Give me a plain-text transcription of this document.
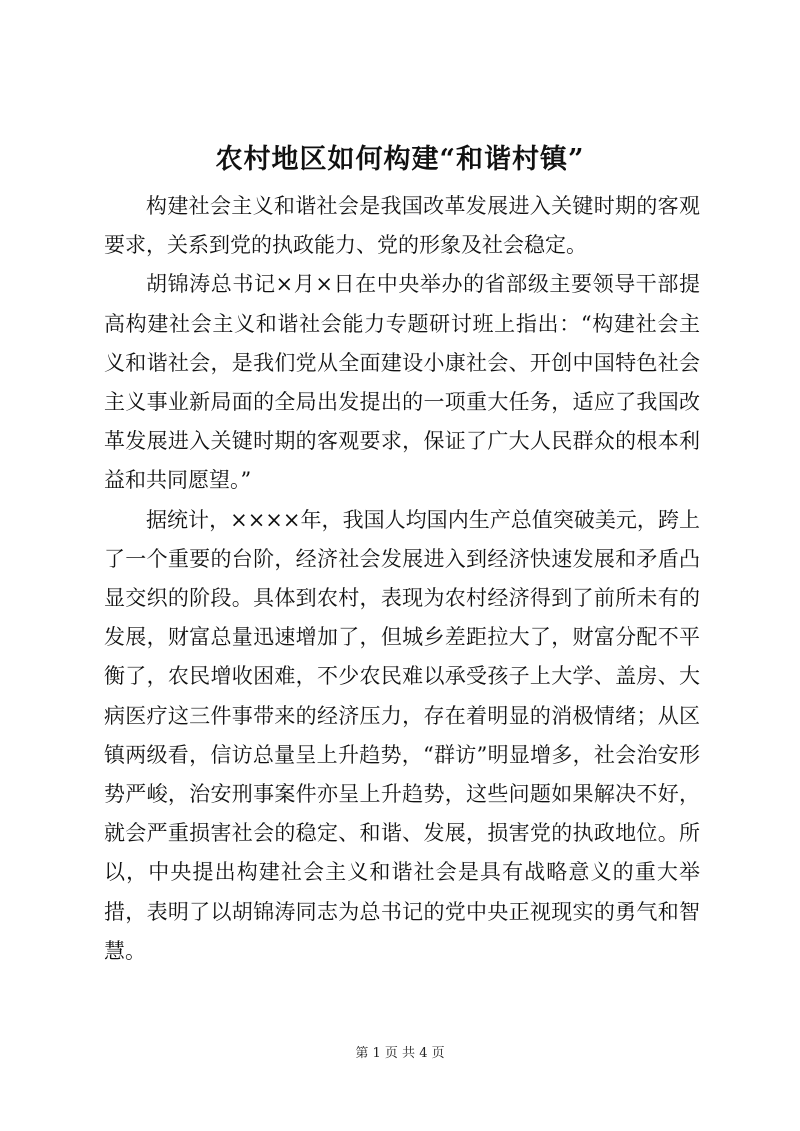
农村地区如何构建“和谐村镇”

构建社会主义和谐社会是我国改革发展进入关键时期的客观要求，关系到党的执政能力、党的形象及社会稳定。

胡锦涛总书记×月×日在中央举办的省部级主要领导干部提高构建社会主义和谐社会能力专题研讨班上指出：“构建社会主义和谐社会，是我们党从全面建设小康社会、开创中国特色社会主义事业新局面的全局出发提出的一项重大任务，适应了我国改革发展进入关键时期的客观要求，保证了广大人民群众的根本利益和共同愿望。”

据统计，××××年，我国人均国内生产总值突破美元，跨上了一个重要的台阶，经济社会发展进入到经济快速发展和矛盾凸显交织的阶段。具体到农村，表现为农村经济得到了前所未有的发展，财富总量迅速增加了，但城乡差距拉大了，财富分配不平衡了，农民增收困难，不少农民难以承受孩子上大学、盖房、大病医疗这三件事带来的经济压力，存在着明显的消极情绪；从区镇两级看，信访总量呈上升趋势，“群访”明显增多，社会治安形势严峻，治安刑事案件亦呈上升趋势，这些问题如果解决不好，就会严重损害社会的稳定、和谐、发展，损害党的执政地位。所以，中央提出构建社会主义和谐社会是具有战略意义的重大举措，表明了以胡锦涛同志为总书记的党中央正视现实的勇气和智慧。

第 1 页 共 4 页
